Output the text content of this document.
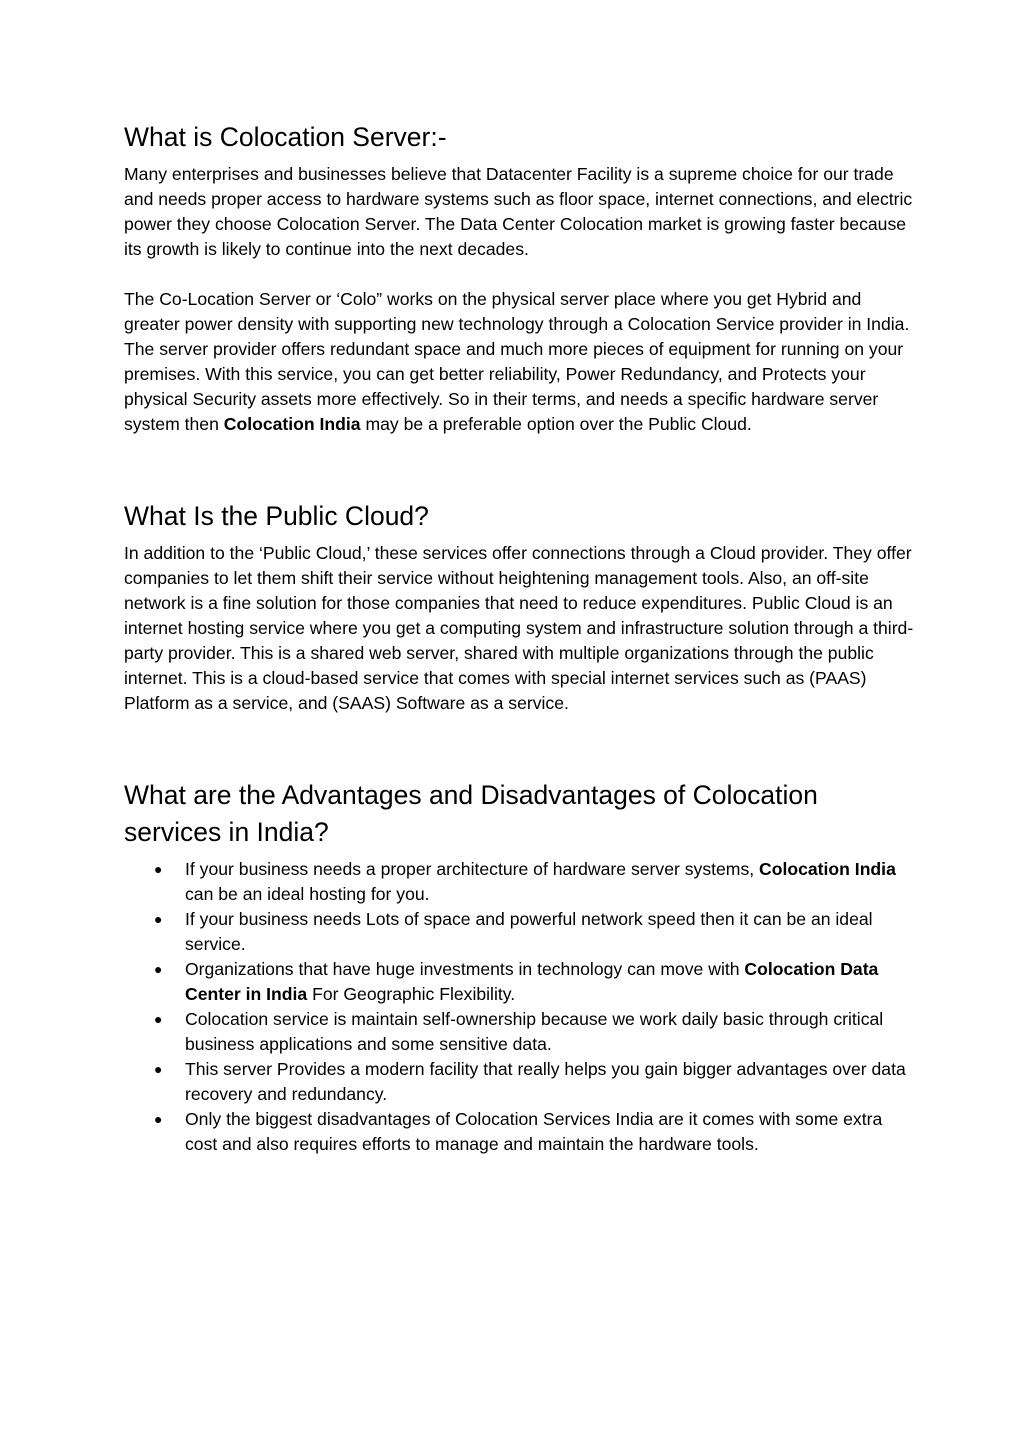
What is Colocation Server:-

Many enterprises and businesses believe that Datacenter Facility is a supreme choice for our trade and needs proper access to hardware systems such as floor space, internet connections, and electric power they choose Colocation Server. The Data Center Colocation market is growing faster because its growth is likely to continue into the next decades.

The Co-Location Server or ‘Colo” works on the physical server place where you get Hybrid and greater power density with supporting new technology through a Colocation Service provider in India. The server provider offers redundant space and much more pieces of equipment for running on your premises. With this service, you can get better reliability, Power Redundancy, and Protects your physical Security assets more effectively. So in their terms, and needs a specific hardware server system then Colocation India may be a preferable option over the Public Cloud.

What Is the Public Cloud?

In addition to the ‘Public Cloud,’ these services offer connections through a Cloud provider. They offer companies to let them shift their service without heightening management tools. Also, an off-site network is a fine solution for those companies that need to reduce expenditures. Public Cloud is an internet hosting service where you get a computing system and infrastructure solution through a third-party provider. This is a shared web server, shared with multiple organizations through the public internet. This is a cloud-based service that comes with special internet services such as (PAAS) Platform as a service, and (SAAS) Software as a service.

What are the Advantages and Disadvantages of Colocation
services in India?
● If your business needs a proper architecture of hardware server systems, Colocation India can be an ideal hosting for you.
● If your business needs Lots of space and powerful network speed then it can be an ideal service.
● Organizations that have huge investments in technology can move with Colocation Data Center in India For Geographic Flexibility.
● Colocation service is maintain self-ownership because we work daily basic through critical business applications and some sensitive data.
● This server Provides a modern facility that really helps you gain bigger advantages over data recovery and redundancy.
● Only the biggest disadvantages of Colocation Services India are it comes with some extra cost and also requires efforts to manage and maintain the hardware tools.
